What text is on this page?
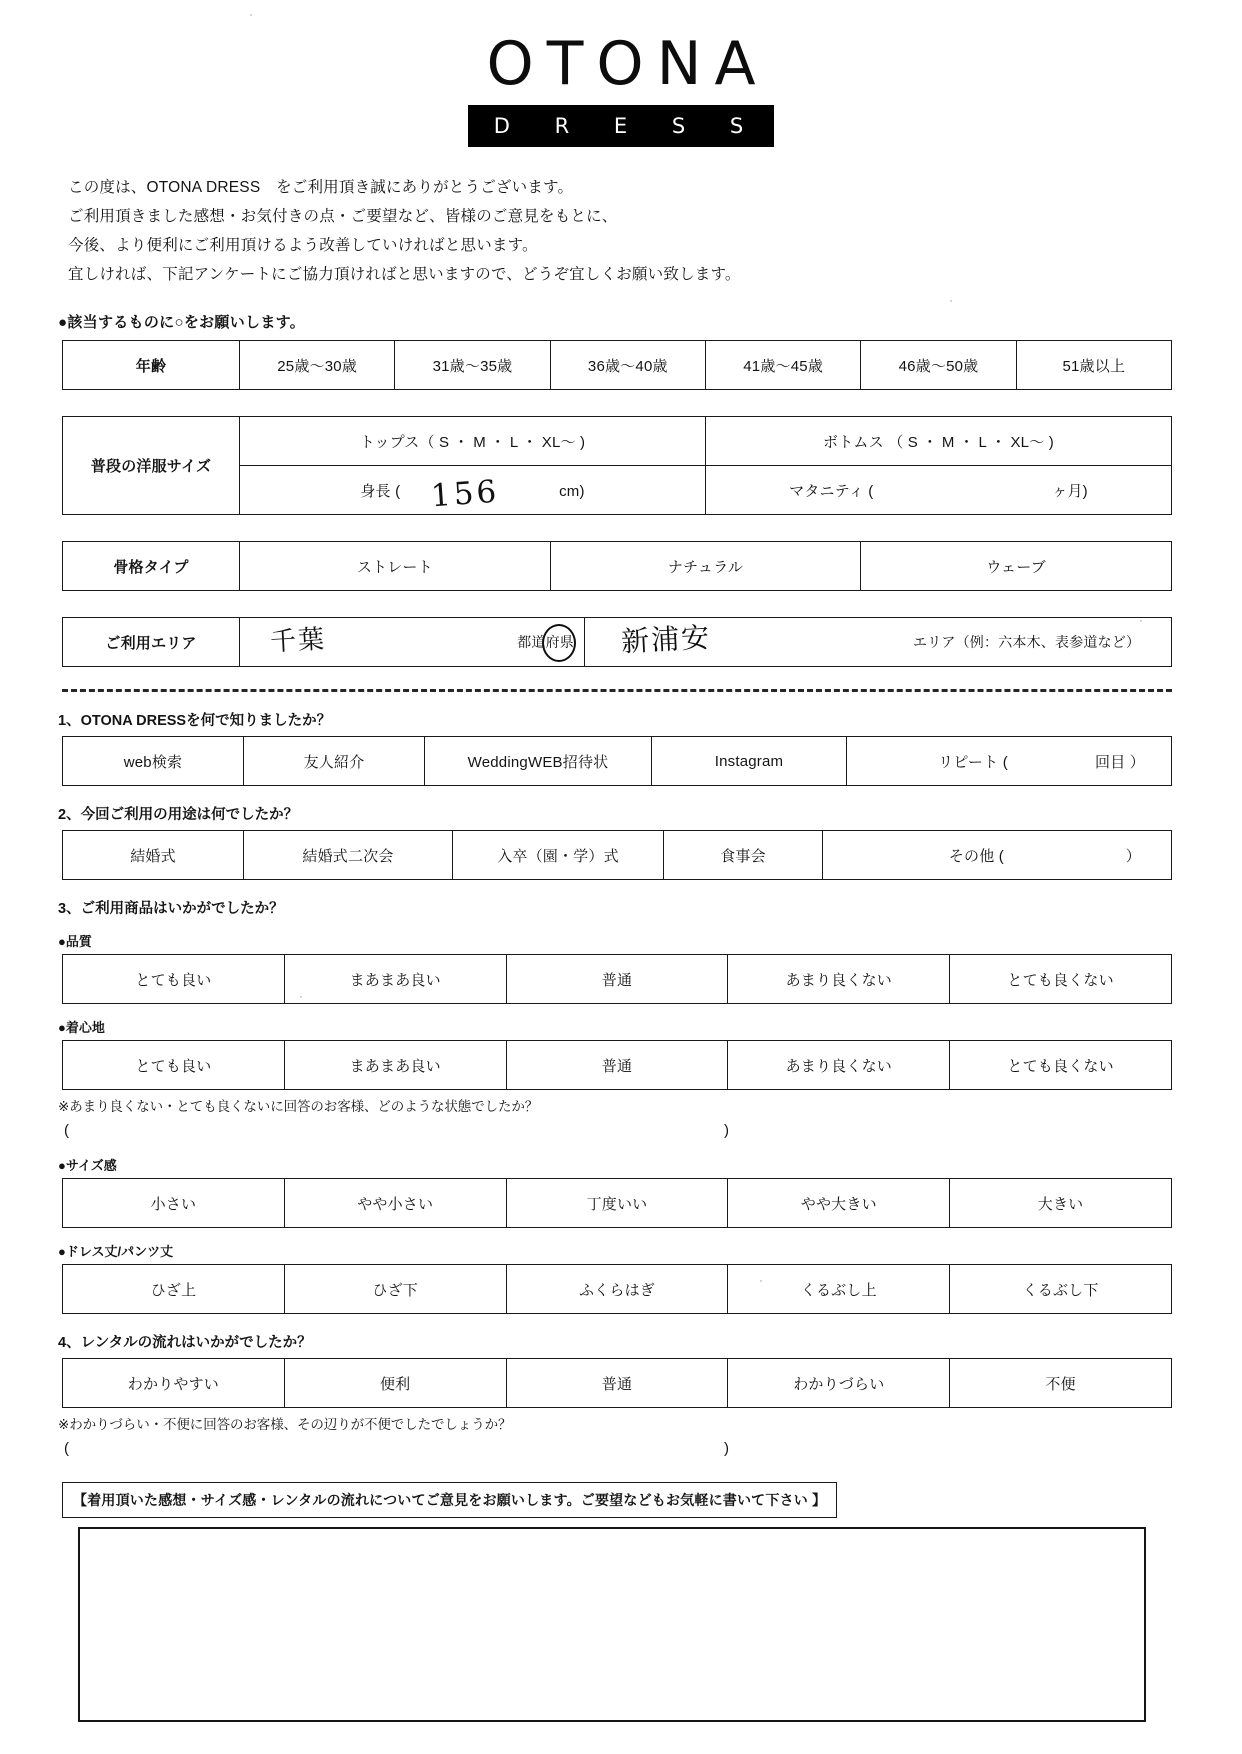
OTONA
D R E S S
この度は、OTONA DRESS　をご利用頂き誠にありがとうございます。
ご利用頂きました感想・お気付きの点・ご要望など、皆様のご意見をもとに、
今後、より便利にご利用頂けるよう改善していければと思います。
宜しければ、下記アンケートにご協力頂ければと思いますので、どうぞ宜しくお願い致します。
●該当するものに○をお願いします。
年齢	25歳～30歳	31歳～35歳	36歳～40歳	41歳～45歳	46歳～50歳	51歳以上
普段の洋服サイズ	トップス（ S ・ M ・ L ・ XL～ )	ボトムス （ S ・ M ・ L ・ XL～ )
	身長 ( 156 cm)	マタニティ ( ヶ月)
骨格タイプ	ストレート	ナチュラル	ウェーブ
ご利用エリア	千葉	都道府県	新浦安	エリア（例：六本木、表参道など）
1、OTONA DRESSを何で知りましたか？
web検索	友人紹介	WeddingWEB招待状	Instagram	リピート (	回目 ）
2、今回ご利用の用途は何でしたか？
結婚式	結婚式二次会	入卒（園・学）式	食事会	その他 (	）
3、ご利用商品はいかがでしたか？
●品質
とても良い	まあまあ良い	普通	あまり良くない	とても良くない
●着心地
とても良い	まあまあ良い	普通	あまり良くない	とても良くない
※あまり良くない・とても良くないに回答のお客様、どのような状態でしたか？
(	)
●サイズ感
小さい	やや小さい	丁度いい	やや大きい	大きい
●ドレス丈/パンツ丈
ひざ上	ひざ下	ふくらはぎ	くるぶし上	くるぶし下
4、レンタルの流れはいかがでしたか？
わかりやすい	便利	普通	わかりづらい	不便
※わかりづらい・不便に回答のお客様、その辺りが不便でしたでしょうか？
(	)
【着用頂いた感想・サイズ感・レンタルの流れについてご意見をお願いします。ご要望などもお気軽に書いて下さい 】
